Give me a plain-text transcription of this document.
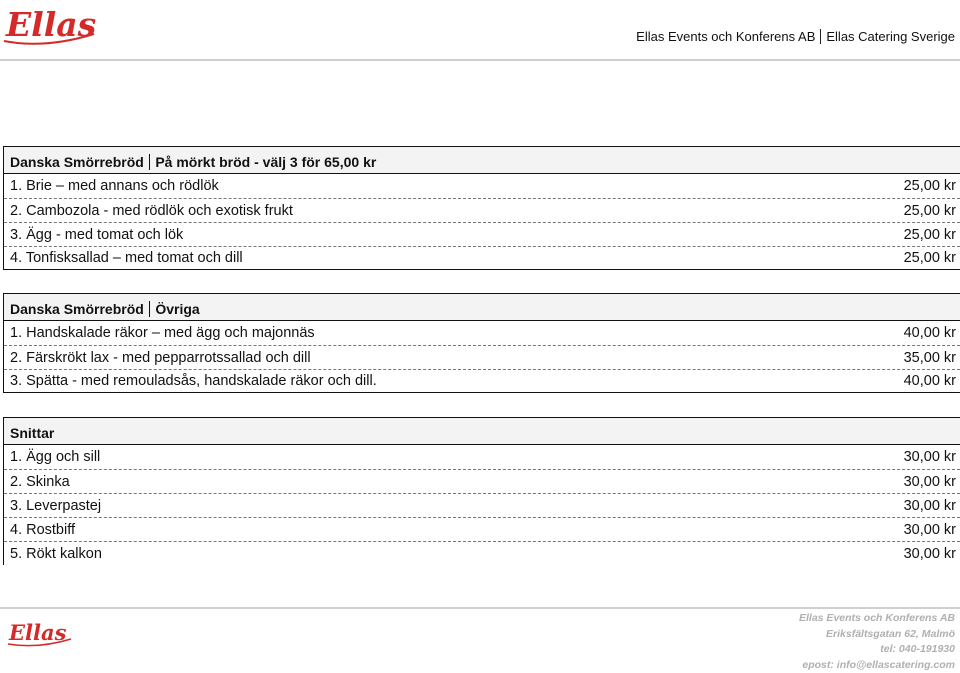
Ellas	Ellas Events och Konferens AB Ellas Catering Sverige
Danska Smörrebröd På mörkt bröd - välj 3 för 65,00 kr
1. Brie – med annans och rödlök	25,00 kr
2. Cambozola - med rödlök och exotisk frukt	25,00 kr
3. Ägg - med tomat och lök	25,00 kr
4. Tonfisksallad – med tomat och dill	25,00 kr
Danska Smörrebröd Övriga
1. Handskalade räkor – med ägg och majonnäs	40,00 kr
2. Färskrökt lax - med pepparrotssallad och dill	35,00 kr
3. Spätta - med remouladsås, handskalade räkor och dill.	40,00 kr
Snittar
1. Ägg och sill	30,00 kr
2. Skinka	30,00 kr
3. Leverpastej	30,00 kr
4. Rostbiff	30,00 kr
5. Rökt kalkon	30,00 kr
Ellas
Ellas Events och Konferens AB
Eriksfältsgatan 62, Malmö
tel: 040-191930
epost: info@ellascatering.com
